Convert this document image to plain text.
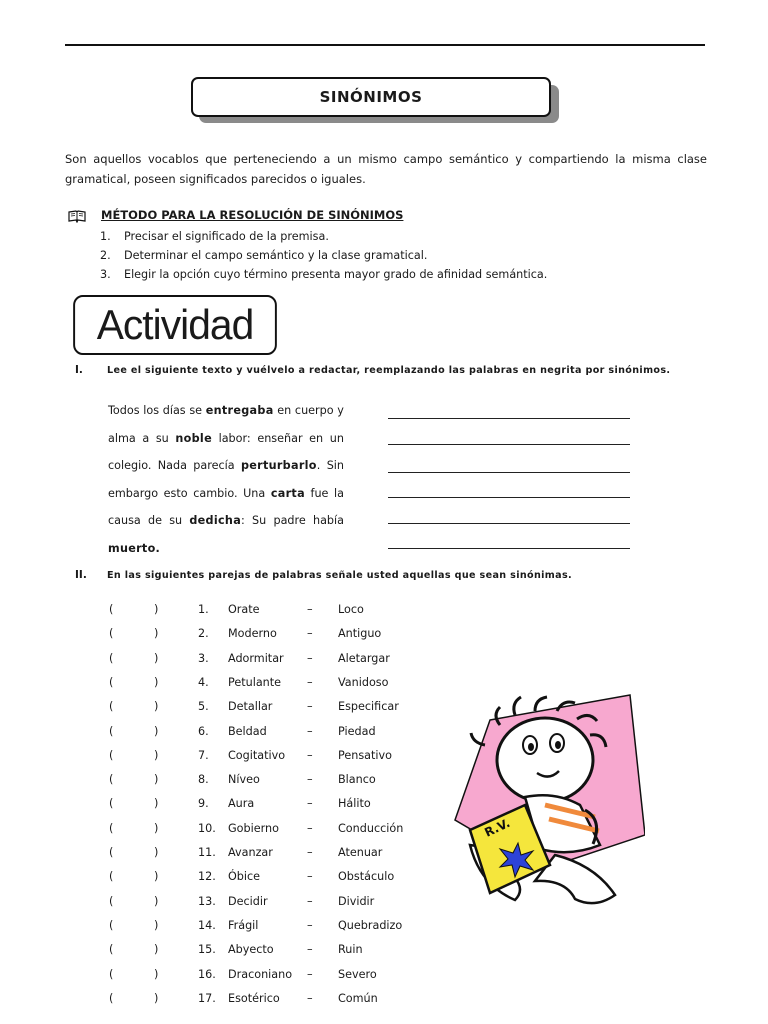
SINÓNIMOS
Son aquellos vocablos que perteneciendo a un mismo campo semántico y compartiendo la misma clase gramatical, poseen significados parecidos o iguales.
MÉTODO PARA LA RESOLUCIÓN DE SINÓNIMOS
1.	Precisar el significado de la premisa.
2.	Determinar el campo semántico y la clase gramatical.
3.	Elegir la opción cuyo término presenta mayor grado de afinidad semántica.
Actividad
I.	Lee el siguiente texto y vuélvelo a redactar, reemplazando las palabras en negrita por sinónimos.
Todos los días se entregaba en cuerpo y
alma a su noble labor: enseñar en un
colegio. Nada parecía perturbarlo. Sin
embargo esto cambio. Una carta fue la
causa de su dedicha: Su padre había
muerto.
II. En las siguientes parejas de palabras señale usted aquellas que sean sinónimas.
(	)	1. Orate	– Loco
(	)	2. Moderno	– Antiguo
(	)	3. Adormitar – Aletargar
(	)	4. Petulante – Vanidoso
(	)	5. Detallar	– Especificar
(	)	6. Beldad	– Piedad
(	)	7. Cogitativo – Pensativo
(	)	8. Níveo	– Blanco
(	)	9. Aura	– Hálito
(	)	10. Gobierno	– Conducción
(	)	11. Avanzar	– Atenuar
(	)	12. Óbice	– Obstáculo
(	)	13. Decidir	– Dividir
(	)	14. Frágil	– Quebradizo
(	)	15. Abyecto	– Ruin
(	)	16. Draconiano – Severo
(	)	17. Esotérico – Común
R.V.
